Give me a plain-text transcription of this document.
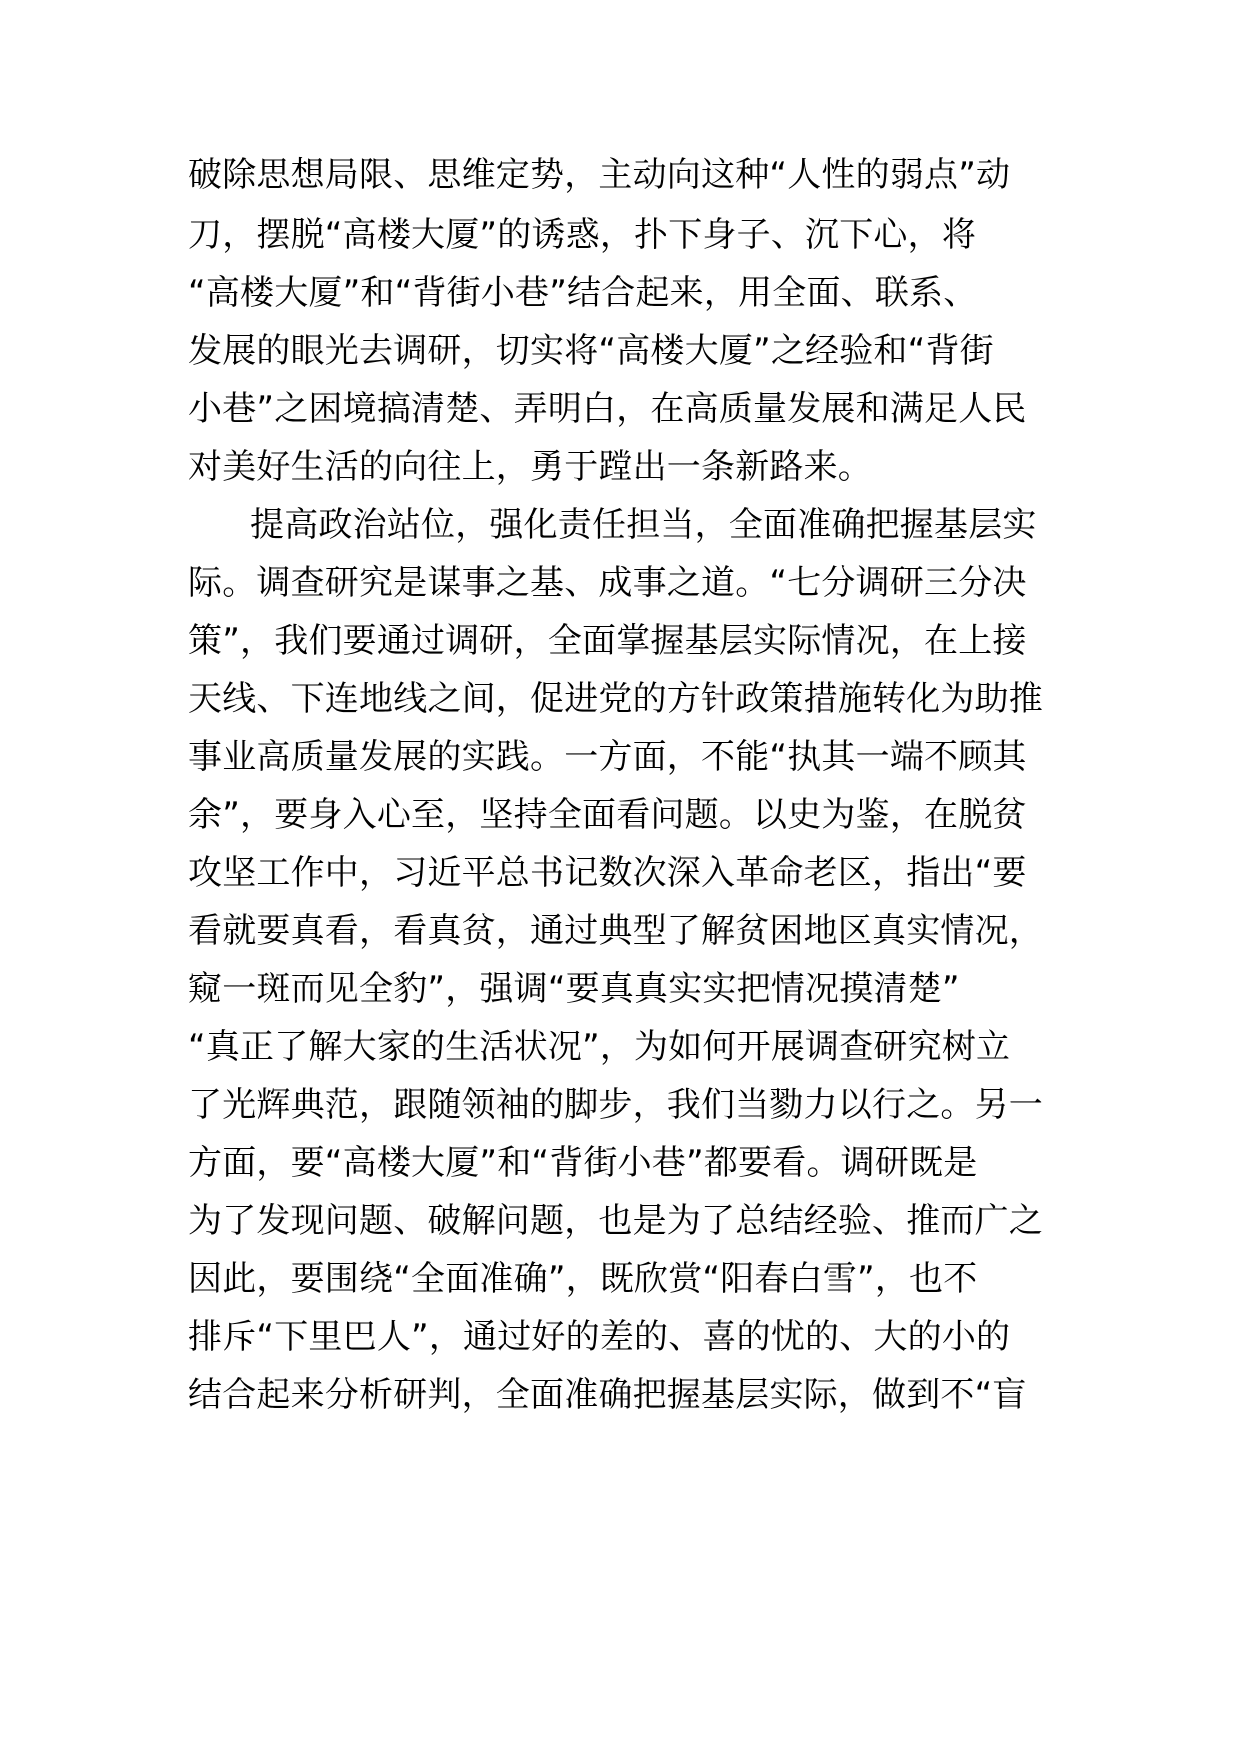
破除思想局限、思维定势，主动向这种“人性的弱点”动
刀，摆脱“高楼大厦”的诱惑，扑下身子、沉下心，将
“高楼大厦”和“背街小巷”结合起来，用全面、联系、
发展的眼光去调研，切实将“高楼大厦”之经验和“背街
小巷”之困境搞清楚、弄明白，在高质量发展和满足人民
对美好生活的向往上，勇于蹚出一条新路来。
提高政治站位，强化责任担当，全面准确把握基层实
际。调查研究是谋事之基、成事之道。“七分调研三分决
策”，我们要通过调研，全面掌握基层实际情况，在上接
天线、下连地线之间，促进党的方针政策措施转化为助推
事业高质量发展的实践。一方面，不能“执其一端不顾其
余”，要身入心至，坚持全面看问题。以史为鉴，在脱贫
攻坚工作中，习近平总书记数次深入革命老区，指出“要
看就要真看，看真贫，通过典型了解贫困地区真实情况，
窥一斑而见全豹”，强调“要真真实实把情况摸清楚”
“真正了解大家的生活状况”，为如何开展调查研究树立
了光辉典范，跟随领袖的脚步，我们当勠力以行之。另一
方面，要“高楼大厦”和“背街小巷”都要看。调研既是
为了发现问题、破解问题，也是为了总结经验、推而广之
因此，要围绕“全面准确”，既欣赏“阳春白雪”，也不
排斥“下里巴人”，通过好的差的、喜的忧的、大的小的
结合起来分析研判，全面准确把握基层实际，做到不“盲
